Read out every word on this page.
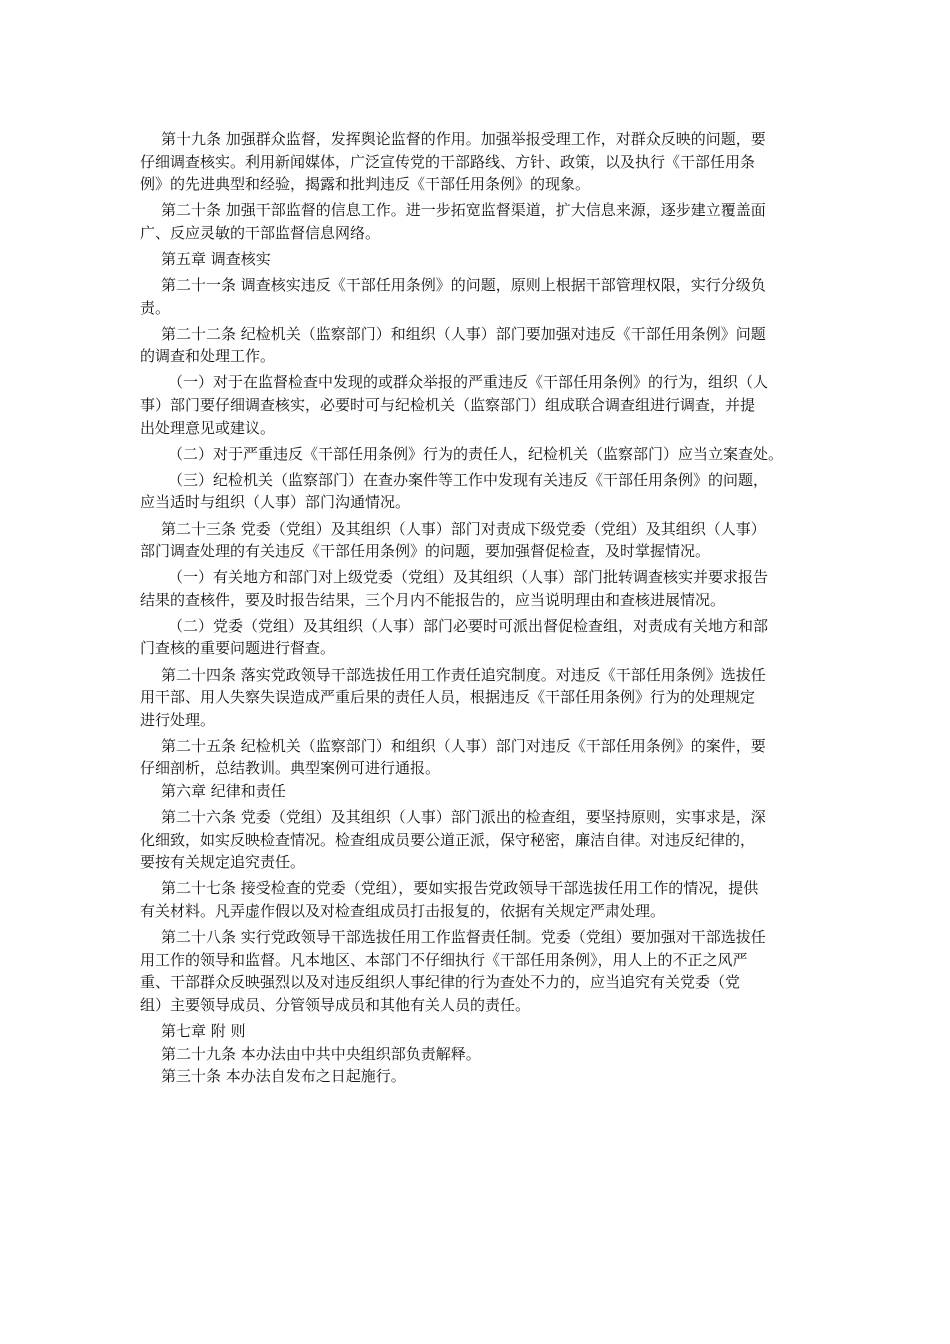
第十九条 加强群众监督，发挥舆论监督的作用。加强举报受理工作，对群众反映的问题，要
仔细调查核实。利用新闻媒体，广泛宣传党的干部路线、方针、政策，以及执行《干部任用条
例》的先进典型和经验，揭露和批判违反《干部任用条例》的现象。
第二十条 加强干部监督的信息工作。进一步拓宽监督渠道，扩大信息来源，逐步建立覆盖面
广、反应灵敏的干部监督信息网络。
第五章 调查核实
第二十一条 调查核实违反《干部任用条例》的问题，原则上根据干部管理权限，实行分级负
责。
第二十二条 纪检机关（监察部门）和组织（人事）部门要加强对违反《干部任用条例》问题
的调查和处理工作。
（一）对于在监督检查中发现的或群众举报的严重违反《干部任用条例》的行为，组织（人
事）部门要仔细调查核实，必要时可与纪检机关（监察部门）组成联合调查组进行调查，并提
出处理意见或建议。
（二）对于严重违反《干部任用条例》行为的责任人，纪检机关（监察部门）应当立案查处。
（三）纪检机关（监察部门）在查办案件等工作中发现有关违反《干部任用条例》的问题，
应当适时与组织（人事）部门沟通情况。
第二十三条 党委（党组）及其组织（人事）部门对责成下级党委（党组）及其组织（人事）
部门调查处理的有关违反《干部任用条例》的问题，要加强督促检查，及时掌握情况。
（一）有关地方和部门对上级党委（党组）及其组织（人事）部门批转调查核实并要求报告
结果的查核件，要及时报告结果，三个月内不能报告的，应当说明理由和查核进展情况。
（二）党委（党组）及其组织（人事）部门必要时可派出督促检查组，对责成有关地方和部
门查核的重要问题进行督查。
第二十四条 落实党政领导干部选拔任用工作责任追究制度。对违反《干部任用条例》选拔任
用干部、用人失察失误造成严重后果的责任人员，根据违反《干部任用条例》行为的处理规定
进行处理。
第二十五条 纪检机关（监察部门）和组织（人事）部门对违反《干部任用条例》的案件，要
仔细剖析，总结教训。典型案例可进行通报。
第六章 纪律和责任
第二十六条 党委（党组）及其组织（人事）部门派出的检查组，要坚持原则，实事求是，深
化细致，如实反映检查情况。检查组成员要公道正派，保守秘密，廉洁自律。对违反纪律的，
要按有关规定追究责任。
第二十七条 接受检查的党委（党组），要如实报告党政领导干部选拔任用工作的情况，提供
有关材料。凡弄虚作假以及对检查组成员打击报复的，依据有关规定严肃处理。
第二十八条 实行党政领导干部选拔任用工作监督责任制。党委（党组）要加强对干部选拔任
用工作的领导和监督。凡本地区、本部门不仔细执行《干部任用条例》，用人上的不正之风严
重、干部群众反映强烈以及对违反组织人事纪律的行为查处不力的，应当追究有关党委（党
组）主要领导成员、分管领导成员和其他有关人员的责任。
第七章 附 则
第二十九条 本办法由中共中央组织部负责解释。
第三十条 本办法自发布之日起施行。
